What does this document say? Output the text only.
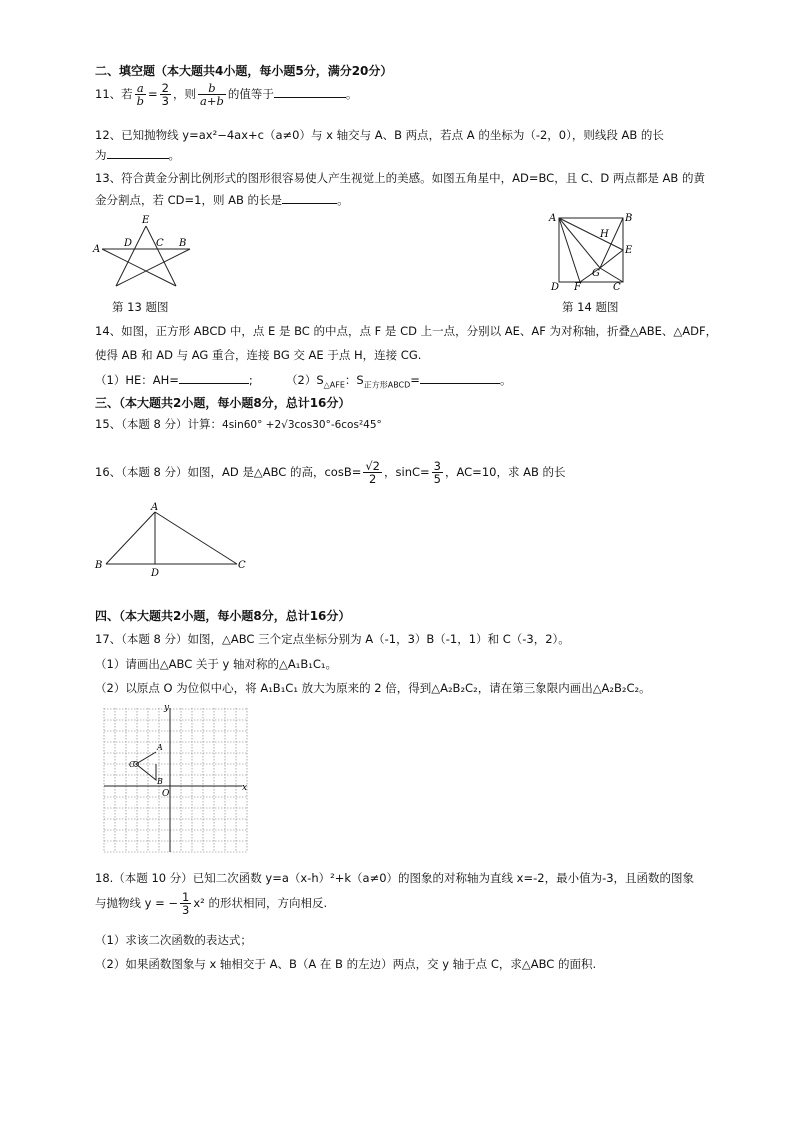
二、填空题（本大题共4小题，每小题5分，满分20分）
11、若 $\frac{a}{b} = \frac{2}{3}$ ，则 $\frac{b}{a+b}$ 的值等于	。
12、已知抛物线 y=ax²−4ax+c（a≠0）与 x 轴交与 A、B 两点，若点 A 的坐标为（-2，0），则线段 AB 的长
为	。
13、符合黄金分割比例形式的图形很容易使人产生视觉上的美感。如图五角星中，AD=BC，且 C、D 两点都是 AB 的黄
金分割点，若 CD=1，则 AB 的长是	。
E
A
D C B
第 13 题图
A	B
H
E
G
D F	C
第 14 题图
14、如图，正方形 ABCD 中，点 E 是 BC 的中点，点 F 是 CD 上一点，分别以 AE、AF 为对称轴，折叠△ABE、△ADF，
使得 AB 和 AD 与 AG 重合，连接 BG 交 AE 于点 H，连接 CG.
（1）HE：AH=	;	$(2)S_{\triangle AFE}$：$S_{正方形ABCD}=$	。
三、（本大题共2小题，每小题8分，总计16分）
15、（本题 8 分）计算：4sin60° +2√3cos30°-6cos²45°
16、（本题 8 分）如图，AD 是△ABC 的高，$\cos B= \frac{√2}{2}$ ，$\sin C= \frac{3}{5}$ ，AC=10，求 AB 的长
A
B
D
C
四、（本大题共2小题，每小题8分，总计16分）
17、（本题 8 分）如图，△ABC 三个定点坐标分别为 A（-1，3）B（-1，1）和 C（-3，2）。
（1）请画出△ABC 关于 y 轴对称的△A₁B₁C₁。
（2）以原点 O 为位似中心，将 A₁B₁C₁ 放大为原来的 2 倍，得到△A₂B₂C₂，请在第三象限内画出△A₂B₂C₂。
y
x
O
A
B
C
18.（本题 10 分）已知二次函数 y=a（x-h）²+k（a≠0）的图象的对称轴为直线 x=-2，最小值为-3，且函数的图象
与抛物线 y = − $\frac{1}{3} x^2$ 的形状相同，方向相反.
（1）求该二次函数的表达式；
（2）如果函数图象与 x 轴相交于 A、B（A 在 B 的左边）两点，交 y 轴于点 C，求△ABC 的面积.
